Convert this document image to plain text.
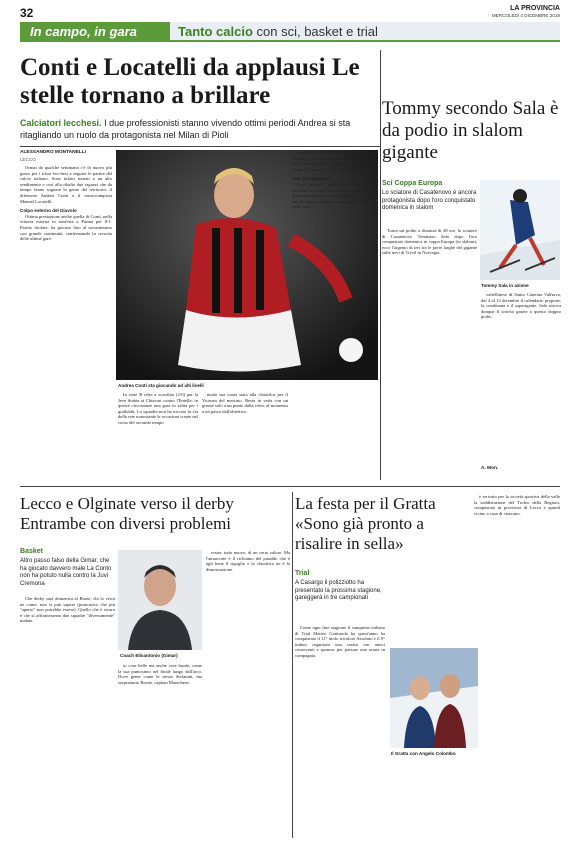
32	LA PROVINCIA
MERCOLEDÌ 4 DICEMBRE 2019
In campo, in gara	Tanto calcio con sci, basket e trial
Conti e Locatelli da applausi Le stelle tornano a brillare
Calciatori lecchesi. I due professionisti stanno vivendo ottimi periodi Andrea si sta ritagliando un ruolo da protagonista nel Milan di Pioli
ALESSANDRO MONTANELLI
LECCO

Ormai da qualche settimana c'è di nuovo più gusto per i tifosi lecchesi a seguire le partite del calcio italiano. Sono infatti tornati a un alto rendimento e così alla ribalta due ragazzi che da tempo fanno sognare la gente del territorio: il difensore Andrea Conti e il centrocampista Manuel Locatelli.

Colpo esterno del Diavolo

Ottima prestazione anche quella di Conti, nella vittoria esterna in trasferta a Parma per 0-1. Partito titolare, ha giocato fino al novantesimo con grande continuità, confermando la crescita delle ultime gare.

Andrea Conti sta giocando ad alti livelli

In serie B oltre a sconfitta (2-0) per la Jeve Stabia ai Chiavari contro l'Entella: in queste circostanze una gara in salita per i gialloblù. La squadra non ha trovato la via della rete nonostante le occasioni create nel corso del secondo tempo.

nuala sua conia stata alla classifica per il Vicenza del mercato. Resta in vetta con un girone solo a un punto dalla vetta, al momento a un passo dall'obiettivo.

Lombe nel match salvezza con la Virtus Verona, ecco altro terreno anche il fanno del lieve Ricardo Gatti, battuto a domicilio nel derby dei "poveri" (0-1) con la Pergolettese.

Altri protagonisti

Un "tostone" nello forte lo abbiamo ritrovato in campo con buona continuità: è il difensore che gioca con maggiore costanza e che ha saputo ritagliarsi uno spazio importante nella rosa.

Tommy secondo Sala è da podio in slalom gigante
Sci Coppa Europa
Lo sciatore di Casatenovo è ancora protagonista dopo l'oro conquistato domenica in slalom
Tommy Sala in azione

Torna sul podio a distanza di 48 ore, lo sciatore di Casatenovo Tommaso Sala dopo l'oro conquistato domenica in coppa Europa (in slalom), ecco l'argento di ieri tra le porte larghe del gigante sulle nevi di Trysil in Norvegia.

valtellinese di Santa Caterina Valfurva, dal 4 al 12 dicembre il calendario propone, la combinata e il superigante. Sala ritrova dunque il sorriso grazie a questo doppio podio.

A. Mon.
Lecco e Olginate verso il derby Entrambe con diversi problemi
Basket
Altro passo falso della Gimar, che ha giocato davvero male La Conto non ha potuto nulla contro la Juvi Cremona

Che derby sarà domenica al Bione, chi lo vivrà ne come, non si può sapere (pronostico che più "aperto" non potrebbe essere). Quello che è sicuro è che si affronteranno due squadre "diversamente" malate.

Coach Elisantonio (Gimar)

to cose belle ma anche cose brutte, come la sua puntosimo nel finale lungo dall'arco. Dove gente come le stesse Stefanini, ma sorprattutto Biosie, capitan Marachese.

roster, tutto nuovo, di un certo valore. Ma l'amarcorte è il richiamo del pasaldo che è agli bene il rigoglio e la classifica ne è la dimostrazione.

La festa per il Gratta «Sono già pronto a risalire in sella»
Trial
A Casargo il polizziotto ha presentato la prossima stagione, gareggerà in tre campionati

Come ogni fine stagione il campione italiano di Trial Matteo Grattarola ha quest'anno ha conquistato il 11° titolo tricolore Assoluto e il 9° indoor organizza una serata con amici conoscenti e sponsor per passare una serata in compagnia.

Il Gratta con Angelo Colombo

è arrivato per la società sportiva della valle la soddisfazione del Trofeo della Regioni, conquistato in provincia di Lecco e quindi vicino a casa di ciascuno.
